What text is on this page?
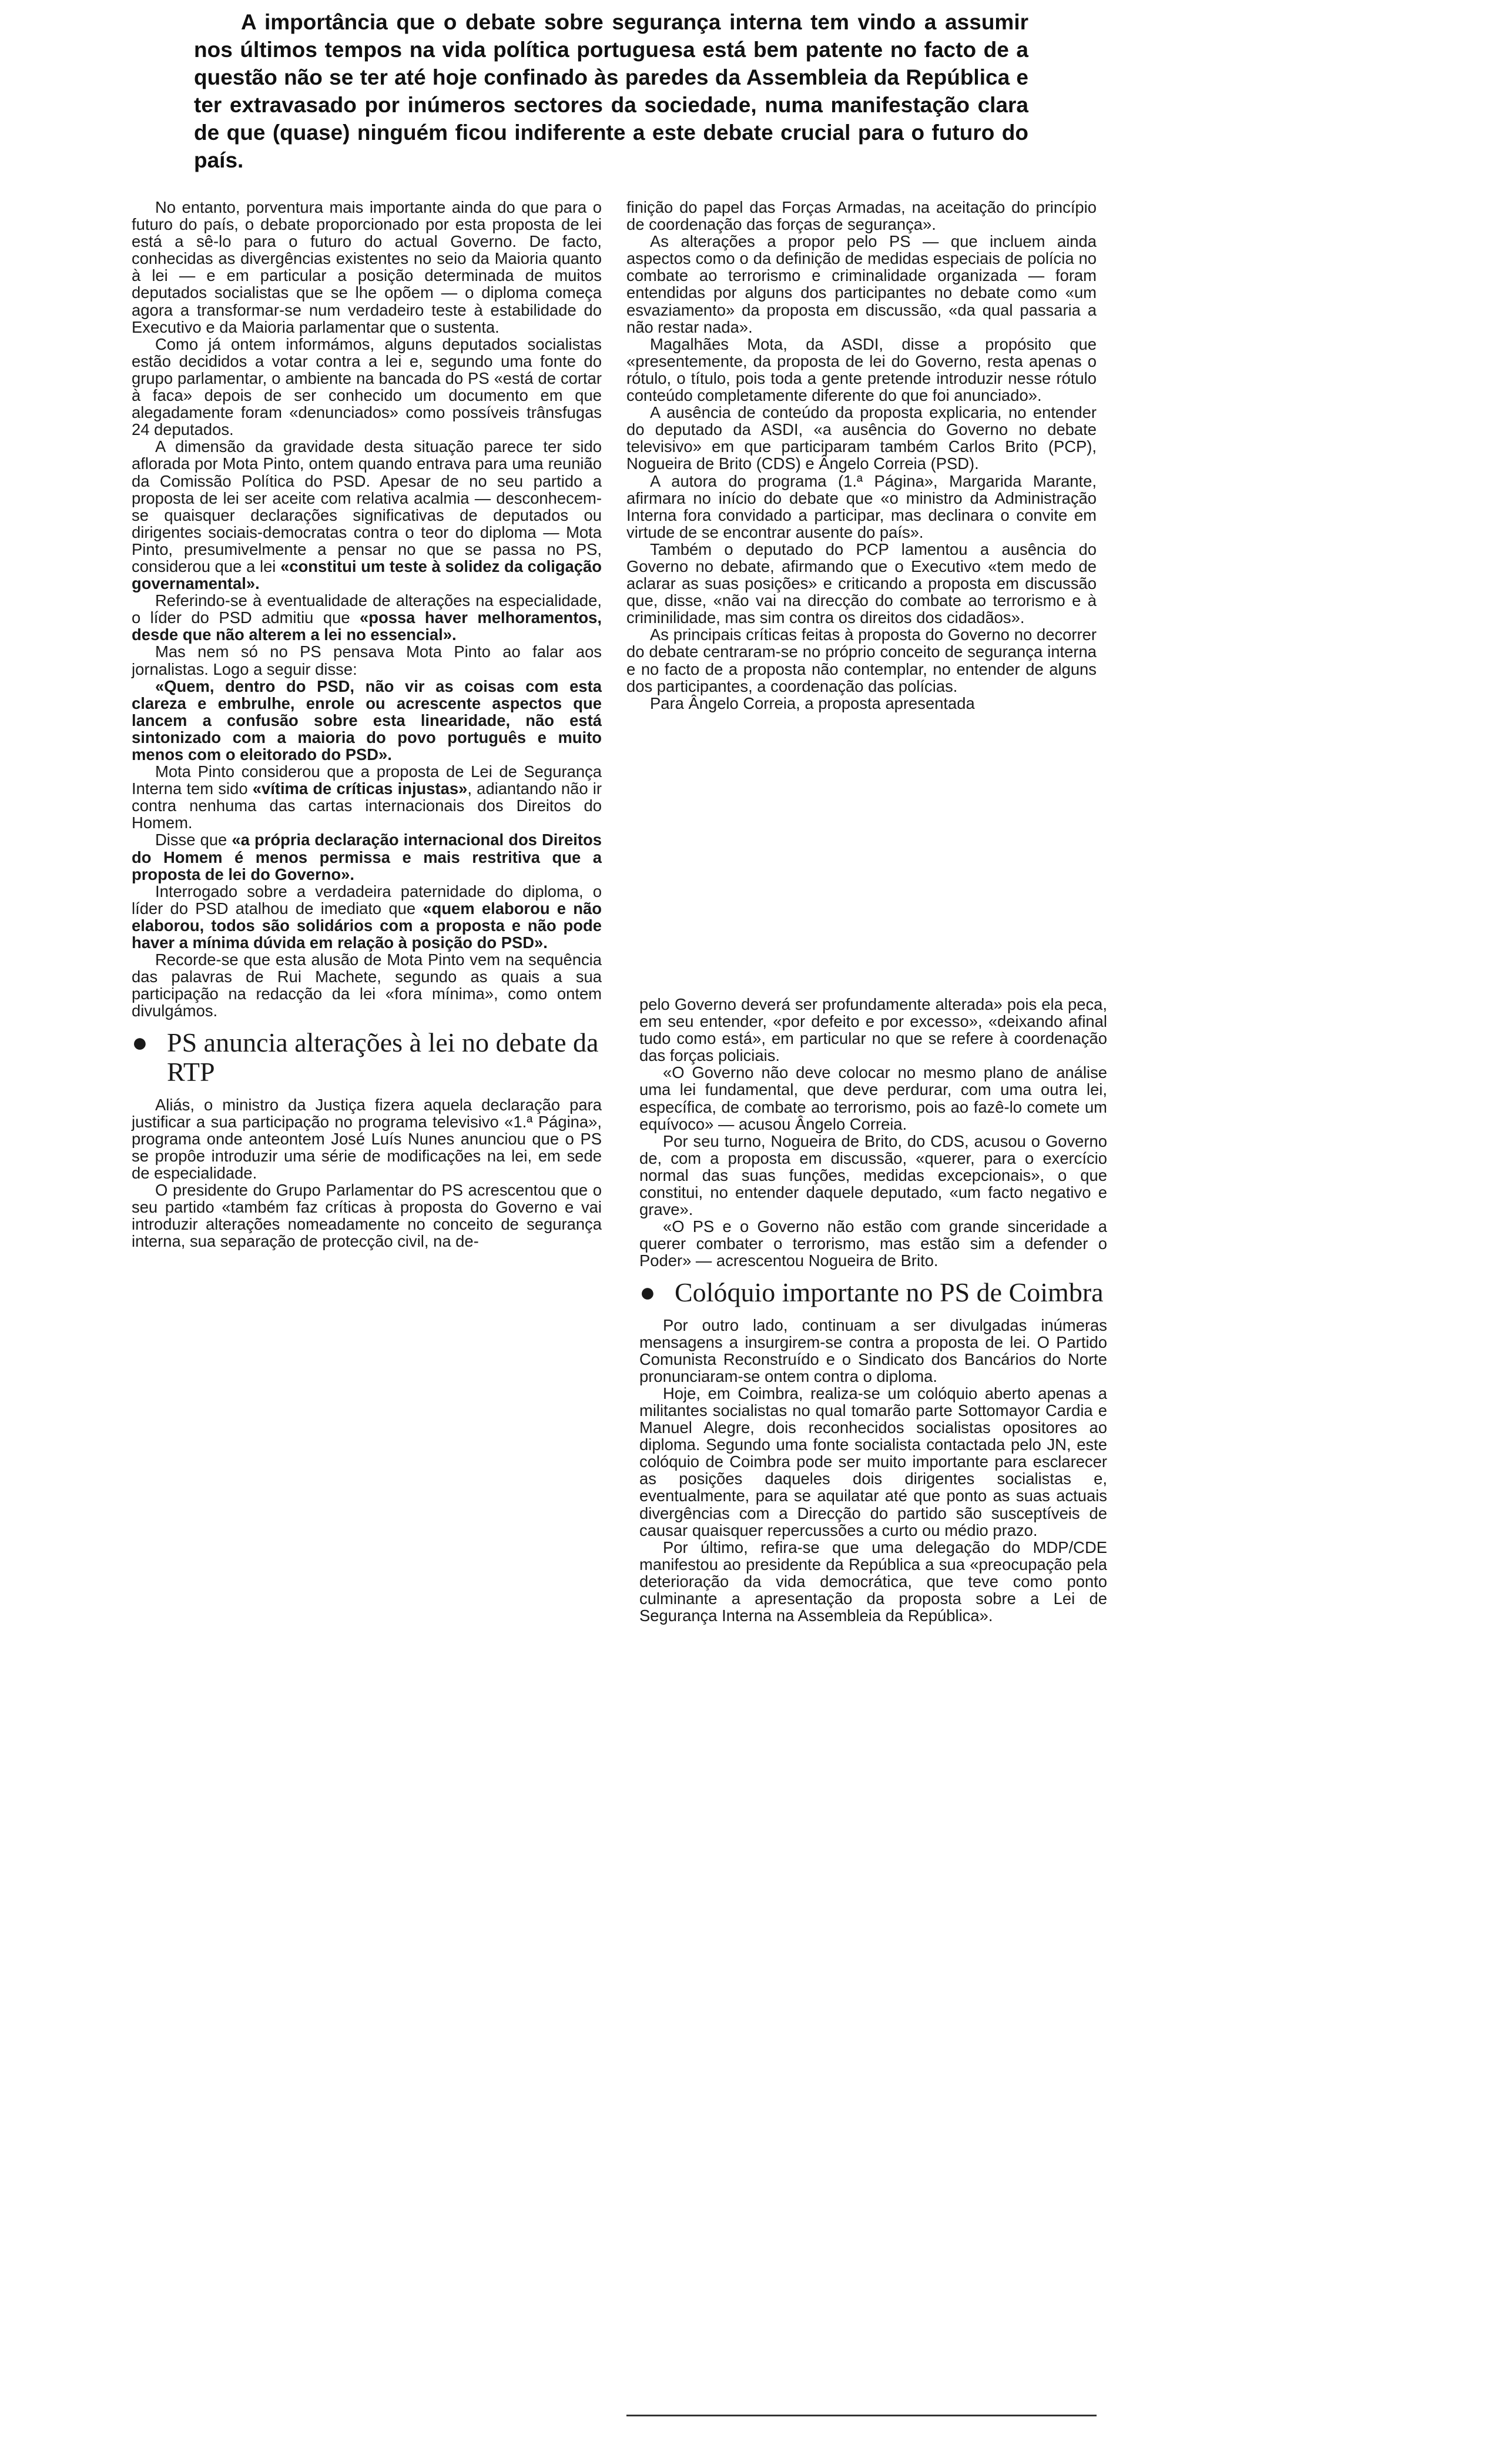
A importância que o debate sobre segurança interna tem vindo a assumir nos últimos tempos na vida política portuguesa está bem patente no facto de a questão não se ter até hoje confinado às paredes da Assembleia da República e ter extravasado por inúmeros sectores da sociedade, numa manifestação clara de que (quase) ninguém ficou indiferente a este debate crucial para o futuro do país.

No entanto, porventura mais importante ainda do que para o futuro do país, o debate proporcionado por esta proposta de lei está a sê-lo para o futuro do actual Governo. De facto, conhecidas as divergências existentes no seio da Maioria quanto à lei — e em particular a posição determinada de muitos deputados socialistas que se lhe opõem — o diploma começa agora a transformar-se num verdadeiro teste à estabilidade do Executivo e da Maioria parlamentar que o sustenta.

Como já ontem informámos, alguns deputados socialistas estão decididos a votar contra a lei e, segundo uma fonte do grupo parlamentar, o ambiente na bancada do PS «está de cortar à faca» depois de ser conhecido um documento em que alegadamente foram «denunciados» como possíveis trânsfugas 24 deputados.

A dimensão da gravidade desta situação parece ter sido aflorada por Mota Pinto, ontem quando entrava para uma reunião da Comissão Política do PSD. Apesar de no seu partido a proposta de lei ser aceite com relativa acalmia — desconhecem-se quaisquer declarações significativas de deputados ou dirigentes sociais-democratas contra o teor do diploma — Mota Pinto, presumivelmente a pensar no que se passa no PS, considerou que a lei «constitui um teste à solidez da coligação governamental».

Referindo-se à eventualidade de alterações na especialidade, o líder do PSD admitiu que «possa haver melhoramentos, desde que não alterem a lei no essencial».

Mas nem só no PS pensava Mota Pinto ao falar aos jornalistas. Logo a seguir disse:

«Quem, dentro do PSD, não vir as coisas com esta clareza e embrulhe, enrole ou acrescente aspectos que lancem a confusão sobre esta linearidade, não está sintonizado com a maioria do povo português e muito menos com o eleitorado do PSD».

Mota Pinto considerou que a proposta de Lei de Segurança Interna tem sido «vítima de críticas injustas», adiantando não ir contra nenhuma das cartas internacionais dos Direitos do Homem.

Disse que «a própria declaração internacional dos Direitos do Homem é menos permissa e mais restritiva que a proposta de lei do Governo».

Interrogado sobre a verdadeira paternidade do diploma, o líder do PSD atalhou de imediato que «quem elaborou e não elaborou, todos são solidários com a proposta e não pode haver a mínima dúvida em relação à posição do PSD».

Recorde-se que esta alusão de Mota Pinto vem na sequência das palavras de Rui Machete, segundo as quais a sua participação na redacção da lei «fora mínima», como ontem divulgámos.

● PS anuncia alterações à lei no debate da RTP

Aliás, o ministro da Justiça fizera aquela declaração para justificar a sua participação no programa televisivo «1.ª Página», programa onde anteontem José Luís Nunes anunciou que o PS se propôe introduzir uma série de modificações na lei, em sede de especialidade.

O presidente do Grupo Parlamentar do PS acrescentou que o seu partido «também faz críticas à proposta do Governo e vai introduzir alterações nomeadamente no conceito de segurança interna, sua separação de protecção civil, na de-

finição do papel das Forças Armadas, na aceitação do princípio de coordenação das forças de segurança».

As alterações a propor pelo PS — que incluem ainda aspectos como o da definição de medidas especiais de polícia no combate ao terrorismo e criminalidade organizada — foram entendidas por alguns dos participantes no debate como «um esvaziamento» da proposta em discussão, «da qual passaria a não restar nada».

Magalhães Mota, da ASDI, disse a propósito que «presentemente, da proposta de lei do Governo, resta apenas o rótulo, o título, pois toda a gente pretende introduzir nesse rótulo conteúdo completamente diferente do que foi anunciado».

A ausência de conteúdo da proposta explicaria, no entender do deputado da ASDI, «a ausência do Governo no debate televisivo» em que participaram também Carlos Brito (PCP), Nogueira de Brito (CDS) e Ângelo Correia (PSD).

A autora do programa (1.ª Página», Margarida Marante, afirmara no início do debate que «o ministro da Administração Interna fora convidado a participar, mas declinara o convite em virtude de se encontrar ausente do país».

Também o deputado do PCP lamentou a ausência do Governo no debate, afirmando que o Executivo «tem medo de aclarar as suas posições» e criticando a proposta em discussão que, disse, «não vai na direcção do combate ao terrorismo e à criminilidade, mas sim contra os direitos dos cidadãos».

As principais críticas feitas à proposta do Governo no decorrer do debate centraram-se no próprio conceito de segurança interna e no facto de a proposta não contemplar, no entender de alguns dos participantes, a coordenação das polícias.

Para Ângelo Correia, a proposta apresentada

pelo Governo deverá ser profundamente alterada» pois ela peca, em seu entender, «por defeito e por excesso», «deixando afinal tudo como está», em particular no que se refere à coordenação das forças policiais.

«O Governo não deve colocar no mesmo plano de análise uma lei fundamental, que deve perdurar, com uma outra lei, específica, de combate ao terrorismo, pois ao fazê-lo comete um equívoco» — acusou Ângelo Correia.

Por seu turno, Nogueira de Brito, do CDS, acusou o Governo de, com a proposta em discussão, «querer, para o exercício normal das suas funções, medidas excepcionais», o que constitui, no entender daquele deputado, «um facto negativo e grave».

«O PS e o Governo não estão com grande sinceridade a querer combater o terrorismo, mas estão sim a defender o Poder» — acrescentou Nogueira de Brito.

● Colóquio importante no PS de Coimbra

Por outro lado, continuam a ser divulgadas inúmeras mensagens a insurgirem-se contra a proposta de lei. O Partido Comunista Reconstruído e o Sindicato dos Bancários do Norte pronunciaram-se ontem contra o diploma.

Hoje, em Coimbra, realiza-se um colóquio aberto apenas a militantes socialistas no qual tomarão parte Sottomayor Cardia e Manuel Alegre, dois reconhecidos socialistas opositores ao diploma. Segundo uma fonte socialista contactada pelo JN, este colóquio de Coimbra pode ser muito importante para esclarecer as posições daqueles dois dirigentes socialistas e, eventualmente, para se aquilatar até que ponto as suas actuais divergências com a Direcção do partido são susceptíveis de causar quaisquer repercussões a curto ou médio prazo.

Por último, refira-se que uma delegação do MDP/CDE manifestou ao presidente da República a sua «preocupação pela deterioração da vida democrática, que teve como ponto culminante a apresentação da proposta sobre a Lei de Segurança Interna na Assembleia da República».
